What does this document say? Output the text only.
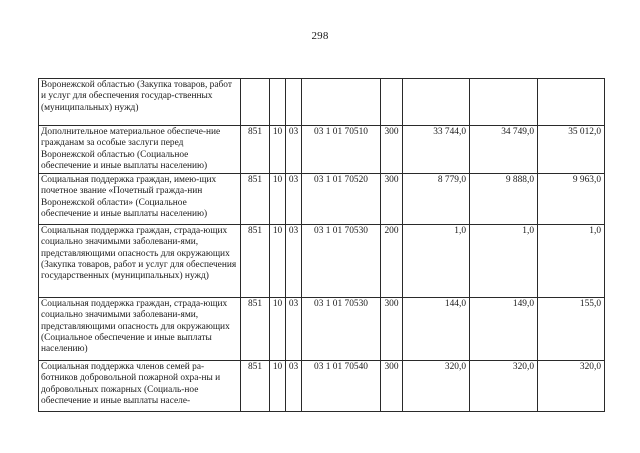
298
Воронежской областью (Закупка товаров, работ и услуг для обеспечения государ-ственных (муниципальных) нужд)								
Дополнительное материальное обеспече-ние гражданам за особые заслуги перед Воронежской областью (Социальное обеспечение и иные выплаты населению)	851	10	03	03 1 01 70510	300	33 744,0	34 749,0	35 012,0
Социальная поддержка граждан, имею-щих почетное звание «Почетный гражда-нин Воронежской области» (Социальное обеспечение и иные выплаты населению)	851	10	03	03 1 01 70520	300	8 779,0	9 888,0	9 963,0
Социальная поддержка граждан, страда-ющих социально значимыми заболевани-ями, представляющими опасность для окружающих (Закупка товаров, работ и услуг для обеспечения государственных (муниципальных) нужд)	851	10	03	03 1 01 70530	200	1,0	1,0	1,0
Социальная поддержка граждан, страда-ющих социально значимыми заболевани-ями, представляющими опасность для окружающих (Социальное обеспечение и иные выплаты населению)	851	10	03	03 1 01 70530	300	144,0	149,0	155,0
Социальная поддержка членов семей ра-ботников добровольной пожарной охра-ны и добровольных пожарных (Социаль-ное обеспечение и иные выплаты населе-	851	10	03	03 1 01 70540	300	320,0	320,0	320,0
